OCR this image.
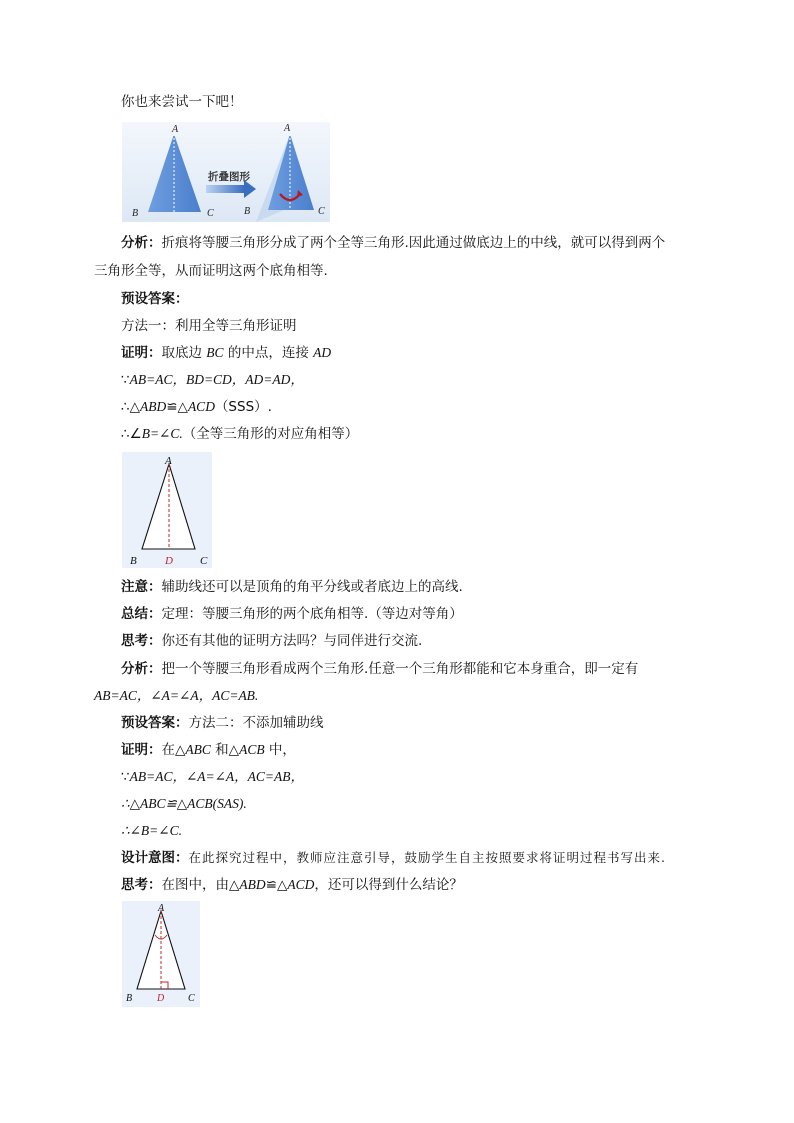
你也来尝试一下吧！
A
B	C
折叠图形
A
B	C
分析：折痕将等腰三角形分成了两个全等三角形.因此通过做底边上的中线，就可以得到两个
三角形全等，从而证明这两个底角相等.
预设答案：
方法一：利用全等三角形证明
证明：取底边 BC 的中点，连接 AD
∵AB=AC，BD=CD，AD=AD，
∴△ABD≌△ACD（SSS）.
∴∠B=∠C.（全等三角形的对应角相等）
A
B	D C
注意：辅助线还可以是顶角的角平分线或者底边上的高线.
总结：定理：等腰三角形的两个底角相等.（等边对等角）
思考：你还有其他的证明方法吗？与同伴进行交流.
分析：把一个等腰三角形看成两个三角形.任意一个三角形都能和它本身重合，即一定有
AB=AC，∠A=∠A，AC=AB.
预设答案：方法二：不添加辅助线
证明：在△ABC 和△ACB 中，
∵AB=AC，∠A=∠A，AC=AB，
∴△ABC≌△ACB(SAS).
∴∠B=∠C.
设计意图：在此探究过程中，教师应注意引导，鼓励学生自主按照要求将证明过程书写出来.
思考：在图中，由△ABD≌△ACD，还可以得到什么结论？
A
B D C
